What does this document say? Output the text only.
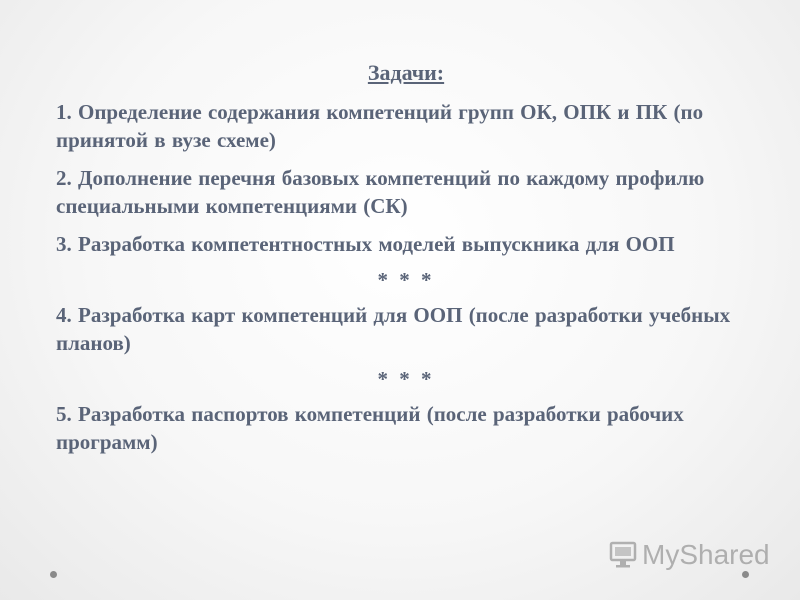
Задачи:
1. Определение содержания компетенций групп ОК, ОПК и ПК (по принятой в вузе схеме)
2. Дополнение перечня базовых компетенций по каждому профилю специальными компетенциями (СК)
3. Разработка компетентностных моделей выпускника для ООП
* * *
4. Разработка карт компетенций для ООП (после разработки учебных планов)
* * *
5. Разработка паспортов компетенций (после разработки рабочих программ)
MyShared
